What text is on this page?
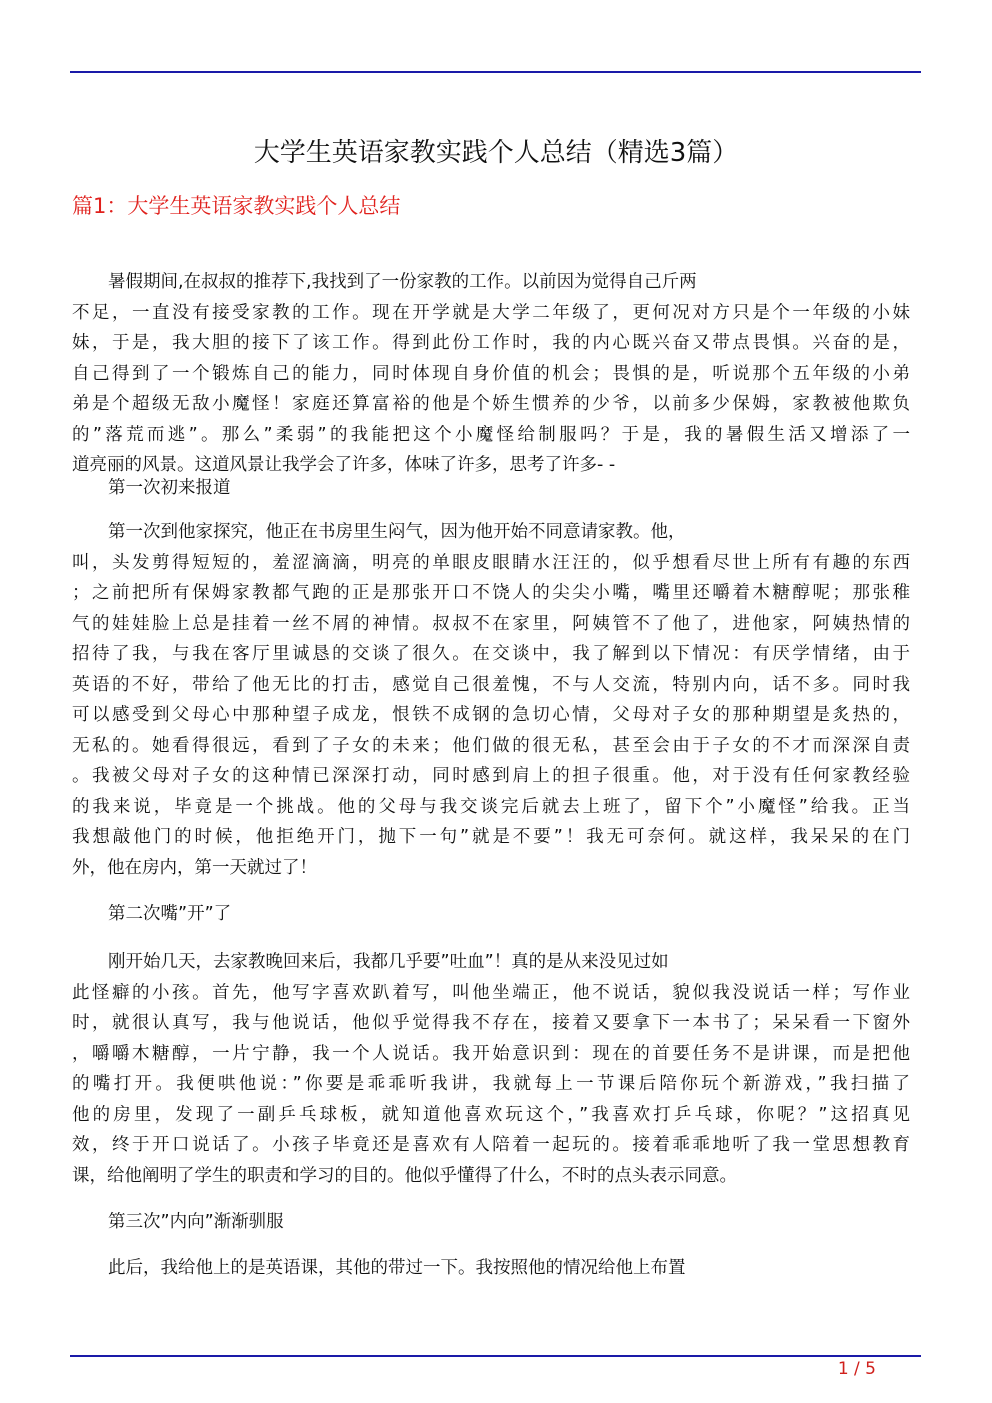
大学生英语家教实践个人总结（精选3篇）
篇1：大学生英语家教实践个人总结
暑假期间,在叔叔的推荐下,我找到了一份家教的工作。以前因为觉得自己斤两
不足，一直没有接受家教的工作。现在开学就是大学二年级了，更何况对方只是个一年级的小妹
妹，于是，我大胆的接下了该工作。得到此份工作时，我的内心既兴奋又带点畏惧。兴奋的是，
自己得到了一个锻炼自己的能力，同时体现自身价值的机会；畏惧的是，听说那个五年级的小弟
弟是个超级无敌小魔怪！家庭还算富裕的他是个娇生惯养的少爷，以前多少保姆，家教被他欺负
的”落荒而逃”。那么”柔弱”的我能把这个小魔怪给制服吗？于是，我的暑假生活又增添了一
道亮丽的风景。这道风景让我学会了许多，体味了许多，思考了许多- -
第一次初来报道
第一次到他家探究，他正在书房里生闷气，因为他开始不同意请家教。他，
叫，头发剪得短短的，羞涩滴滴，明亮的单眼皮眼睛水汪汪的，似乎想看尽世上所有有趣的东西
；之前把所有保姆家教都气跑的正是那张开口不饶人的尖尖小嘴，嘴里还嚼着木糖醇呢；那张稚
气的娃娃脸上总是挂着一丝不屑的神情。叔叔不在家里，阿姨管不了他了，进他家，阿姨热情的
招待了我，与我在客厅里诚恳的交谈了很久。在交谈中，我了解到以下情况：有厌学情绪，由于
英语的不好，带给了他无比的打击，感觉自己很羞愧，不与人交流，特别内向，话不多。同时我
可以感受到父母心中那种望子成龙，恨铁不成钢的急切心情，父母对子女的那种期望是炙热的，
无私的。她看得很远，看到了子女的未来；他们做的很无私，甚至会由于子女的不才而深深自责
。我被父母对子女的这种情已深深打动，同时感到肩上的担子很重。他，对于没有任何家教经验
的我来说，毕竟是一个挑战。他的父母与我交谈完后就去上班了，留下个”小魔怪”给我。正当
我想敲他门的时候，他拒绝开门，抛下一句”就是不要”！我无可奈何。就这样，我呆呆的在门
外，他在房内，第一天就过了！
第二次嘴”开”了
刚开始几天，去家教晚回来后，我都几乎要”吐血”！真的是从来没见过如
此怪癖的小孩。首先，他写字喜欢趴着写，叫他坐端正，他不说话，貌似我没说话一样；写作业
时，就很认真写，我与他说话，他似乎觉得我不存在，接着又要拿下一本书了；呆呆看一下窗外
，嚼嚼木糖醇，一片宁静，我一个人说话。我开始意识到：现在的首要任务不是讲课，而是把他
的嘴打开。我便哄他说：”你要是乖乖听我讲，我就每上一节课后陪你玩个新游戏，”我扫描了
他的房里，发现了一副乒乓球板，就知道他喜欢玩这个，”我喜欢打乒乓球，你呢？”这招真见
效，终于开口说话了。小孩子毕竟还是喜欢有人陪着一起玩的。接着乖乖地听了我一堂思想教育
课，给他阐明了学生的职责和学习的目的。他似乎懂得了什么，不时的点头表示同意。
第三次”内向”渐渐驯服
此后，我给他上的是英语课，其他的带过一下。我按照他的情况给他上布置
1 / 5
